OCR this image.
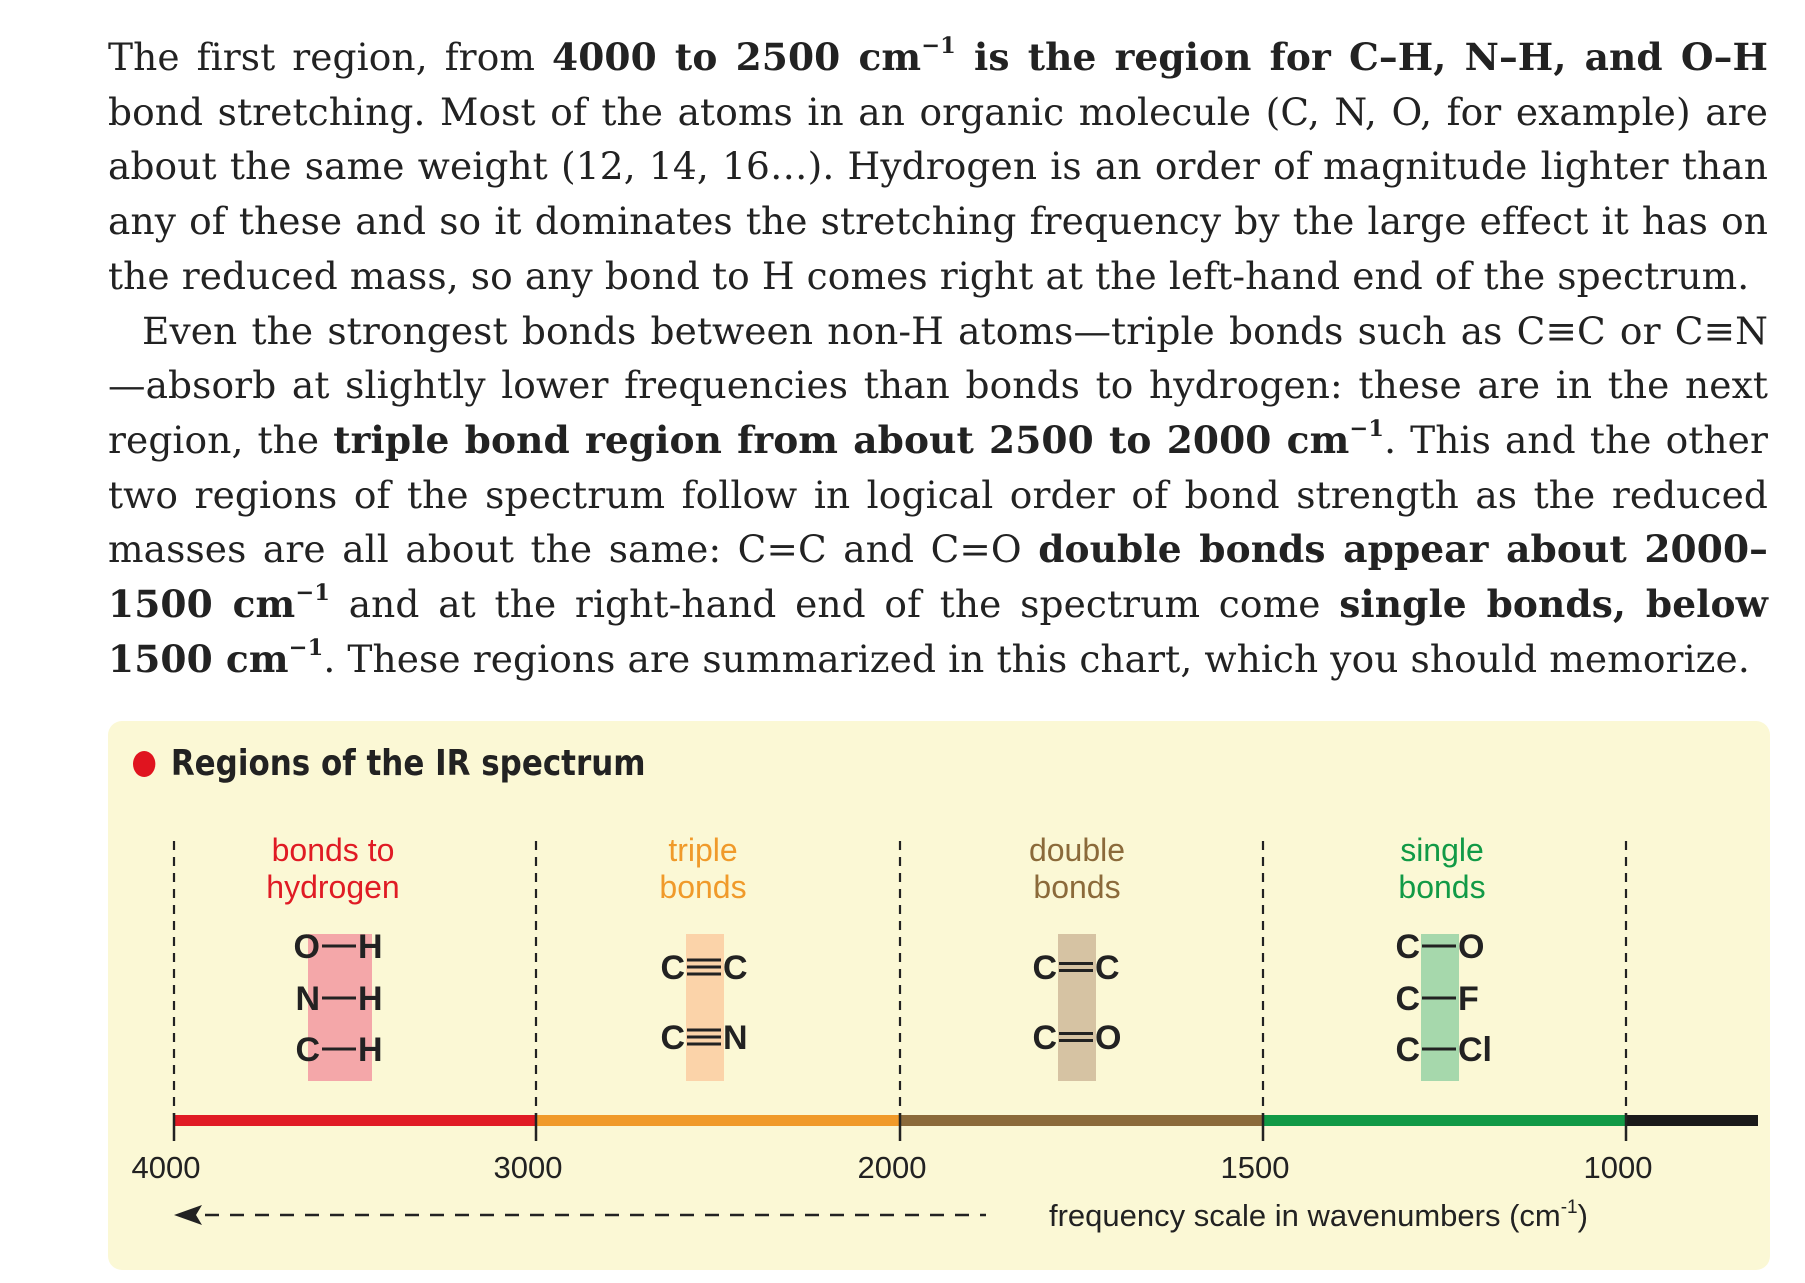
The first region, from 4000 to 2500 $cm^{-1}$ is the region for C–H, N–H, and O–H bond stretching. Most of the atoms in an organic molecule (C, N, O, for example) are about the same weight (12, 14, 16…). Hydrogen is an order of magnitude lighter than any of these and so it dominates the stretching frequency by the large effect it has on the reduced mass, so any bond to H comes right at the left-hand end of the spectrum.

Even the strongest bonds between non-H atoms—triple bonds such as C≡C or C≡N—absorb at slightly lower frequencies than bonds to hydrogen: these are in the next region, the triple bond region from about 2500 to 2000 $cm^{-1}$. This and the other two regions of the spectrum follow in logical order of bond strength as the reduced masses are all about the same: C=C and C=O double bonds appear about 2000–1500 $cm^{-1}$ and at the right-hand end of the spectrum come single bonds, below 1500 $cm^{-1}$. These regions are summarized in this chart, which you should memorize.

Regions of the IR spectrum
bonds to
hydrogen
O H
N H
C H
triple
bonds
C C
C N
double
bonds
C C
C O
single
bonds
C O
C F
C Cl
4000	3000	2000	1500	1000
frequency scale in wavenumbers $(cm^{-1})$
